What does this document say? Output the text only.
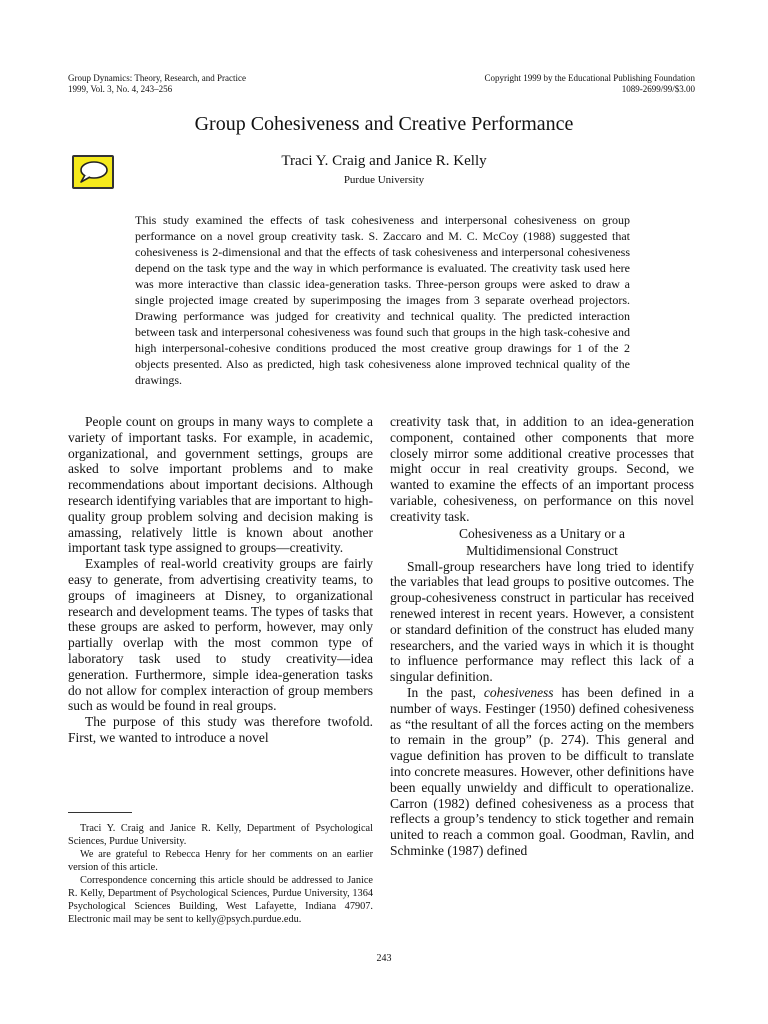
Group Dynamics: Theory, Research, and Practice
1999, Vol. 3, No. 4, 243–256
Copyright 1999 by the Educational Publishing Foundation
1089-2699/99/$3.00
Group Cohesiveness and Creative Performance
Traci Y. Craig and Janice R. Kelly
Purdue University
This study examined the effects of task cohesiveness and interpersonal cohesiveness on group performance on a novel group creativity task. S. Zaccaro and M. C. McCoy (1988) suggested that cohesiveness is 2-dimensional and that the effects of task cohesiveness and interpersonal cohesiveness depend on the task type and the way in which performance is evaluated. The creativity task used here was more interactive than classic idea-generation tasks. Three-person groups were asked to draw a single projected image created by superimposing the images from 3 separate overhead projectors. Drawing performance was judged for creativity and technical quality. The predicted interaction between task and interpersonal cohesiveness was found such that groups in the high task-cohesive and high interpersonal-cohesive conditions produced the most creative group drawings for 1 of the 2 objects presented. Also as predicted, high task cohesiveness alone improved technical quality of the drawings.

People count on groups in many ways to complete a variety of important tasks. For example, in academic, organizational, and government settings, groups are asked to solve important problems and to make recommendations about important decisions. Although research identifying variables that are important to high-quality group problem solving and decision making is amassing, relatively little is known about another important task type assigned to groups—creativity.

Examples of real-world creativity groups are fairly easy to generate, from advertising creativity teams, to groups of imagineers at Disney, to organizational research and development teams. The types of tasks that these groups are asked to perform, however, may only partially overlap with the most common type of laboratory task used to study creativity—idea generation. Furthermore, simple idea-generation tasks do not allow for complex interaction of group members such as would be found in real groups.

The purpose of this study was therefore twofold. First, we wanted to introduce a novel

creativity task that, in addition to an idea-generation component, contained other components that more closely mirror some additional creative processes that might occur in real creativity groups. Second, we wanted to examine the effects of an important process variable, cohesiveness, on performance on this novel creativity task.

Cohesiveness as a Unitary or a
Multidimensional Construct

Small-group researchers have long tried to identify the variables that lead groups to positive outcomes. The group-cohesiveness construct in particular has received renewed interest in recent years. However, a consistent or standard definition of the construct has eluded many researchers, and the varied ways in which it is thought to influence performance may reflect this lack of a singular definition.

In the past, cohesiveness has been defined in a number of ways. Festinger (1950) defined cohesiveness as “the resultant of all the forces acting on the members to remain in the group” (p. 274). This general and vague definition has proven to be difficult to translate into concrete measures. However, other definitions have been equally unwieldy and difficult to operationalize. Carron (1982) defined cohesiveness as a process that reflects a group’s tendency to stick together and remain united to reach a common goal. Goodman, Ravlin, and Schminke (1987) defined

Traci Y. Craig and Janice R. Kelly, Department of Psychological Sciences, Purdue University.

We are grateful to Rebecca Henry for her comments on an earlier version of this article.

Correspondence concerning this article should be addressed to Janice R. Kelly, Department of Psychological Sciences, Purdue University, 1364 Psychological Sciences Building, West Lafayette, Indiana 47907. Electronic mail may be sent to kelly@psych.purdue.edu.

243
